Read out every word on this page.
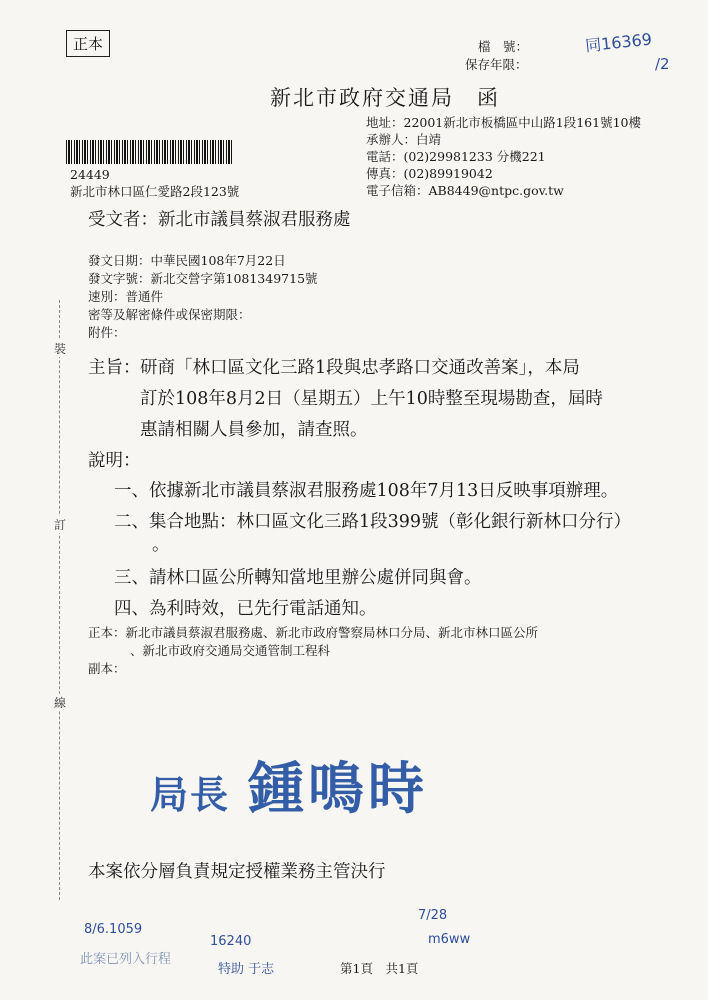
正本	檔　號：
保存年限：
同16369
/2
新北市政府交通局　函
地址：22001新北市板橋區中山路1段161號10樓
承辦人：白靖
電話：(02)29981233 分機221
傳真：(02)89919042
電子信箱：AB8449@ntpc.gov.tw
24449
新北市林口區仁愛路2段123號
受文者：新北市議員蔡淑君服務處
發文日期：中華民國108年7月22日
發文字號：新北交營字第1081349715號
速別：普通件
密等及解密條件或保密期限：
附件：
主旨： 研商「林口區文化三路1段與忠孝路口交通改善案」，本局
訂於108年8月2日（星期五）上午10時整至現場勘查，屆時
惠請相關人員參加，請查照。
說明：
一、依據新北市議員蔡淑君服務處108年7月13日反映事項辦理。
二、集合地點：林口區文化三路1段399號（彰化銀行新林口分行）
。
三、請林口區公所轉知當地里辦公處併同與會。
四、為利時效，已先行電話通知。
正本：新北市議員蔡淑君服務處、新北市政府警察局林口分局、新北市林口區公所
、新北市政府交通局交通管制工程科
副本：
局長 鍾鳴時
本案依分層負責規定授權業務主管決行
8/6.1059
此案已列入行程
16240
特助 于志
7/28
m6ww
第1頁　共1頁
裝
訂
線
